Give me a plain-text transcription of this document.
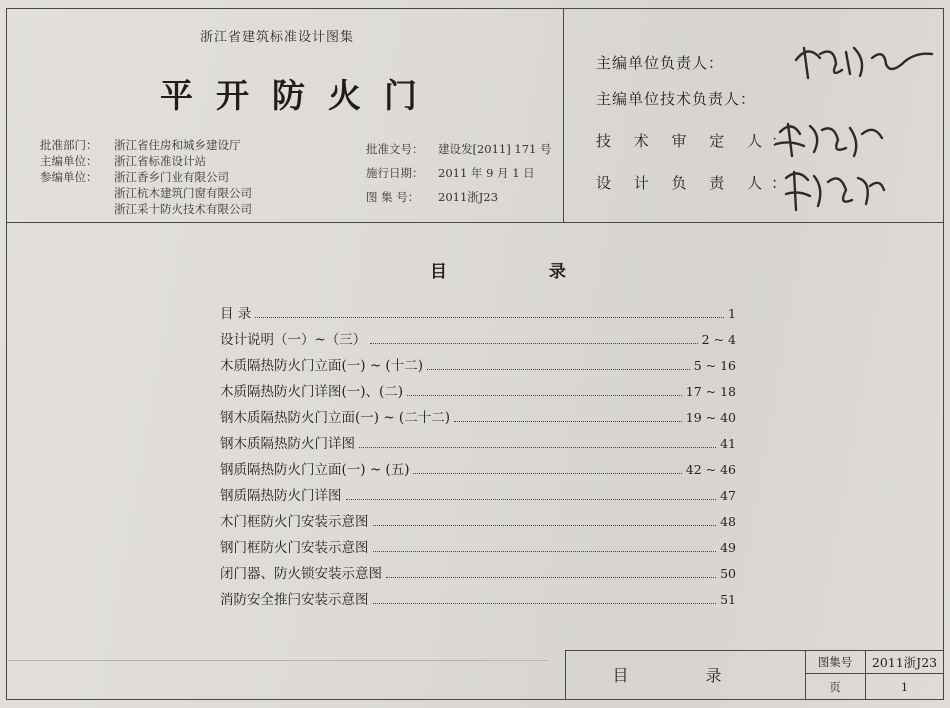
浙江省建筑标准设计图集
平开防火门
批准部门：	浙江省住房和城乡建设厅
主编单位：	浙江省标准设计站
参编单位：	浙江香乡门业有限公司
浙江杭木建筑门窗有限公司
浙江采十防火技术有限公司
批准文号：	建设发[2011] 171 号
施行日期：	2011 年 9 月 1 日
图 集 号：	2011浙J23
主编单位负责人：
主编单位技术负责人：
技 术 审 定 人：
设 计 负 责 人：
目 录
目 录	1
设计说明（一）~（三）	2 ~ 4
木质隔热防火门立面(一) ~ (十二)	5 ~ 16
木质隔热防火门详图(一)、(二)	17 ~ 18
钢木质隔热防火门立面(一) ~ (二十二)	19 ~ 40
钢木质隔热防火门详图	41
钢质隔热防火门立面(一) ~ (五)	42 ~ 46
钢质隔热防火门详图	47
木门框防火门安装示意图	48
钢门框防火门安装示意图	49
闭门器、防火锁安装示意图	50
消防安全推闩安装示意图	51
目 录
图集号	2011浙J23
页	1
